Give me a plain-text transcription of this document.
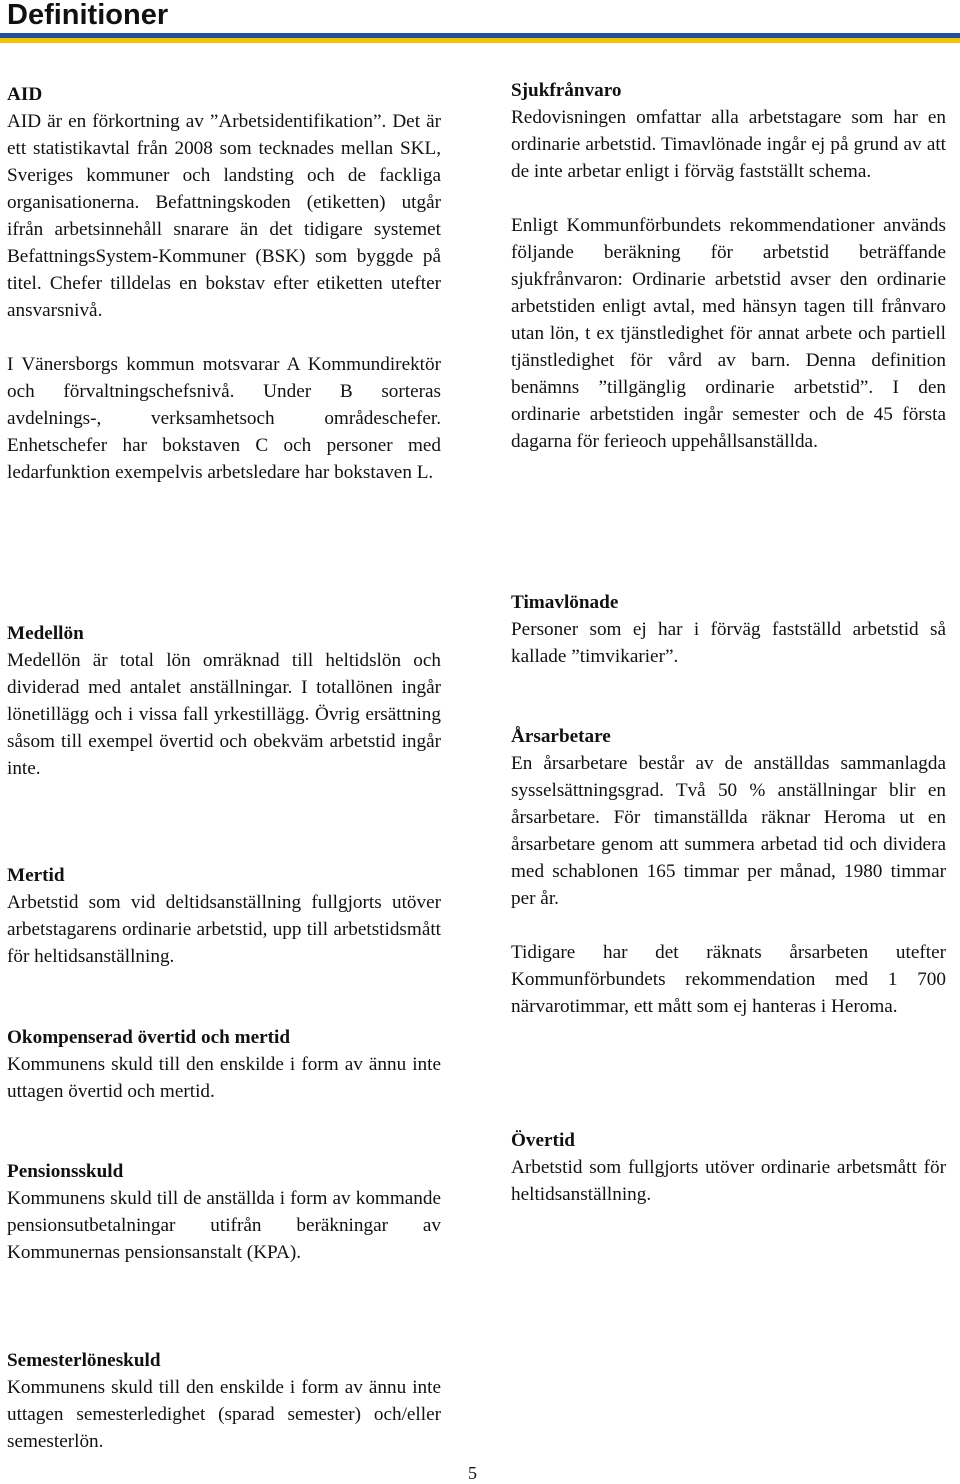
Definitioner
AID

AID är en förkortning av ”Arbetsidentifikation”. Det är ett statistikavtal från 2008 som tecknades mellan SKL, Sveriges kommuner och landsting och de fackliga organisationerna. Befattningskoden (etiketten) utgår ifrån arbetsinnehåll snarare än det tidigare systemet BefattningsSystem-Kommuner (BSK) som byggde på titel. Chefer tilldelas en bokstav efter etiketten utefter ansvarsnivå.

I Vänersborgs kommun motsvarar A Kommundirektör och förvaltningschefsnivå. Under B sorteras avdelnings-, verksamhetsoch områdeschefer. Enhetschefer har bokstaven C och personer med ledarfunktion exempelvis arbetsledare har bokstaven L.

Medellön

Medellön är total lön omräknad till heltidslön och dividerad med antalet anställningar. I totallönen ingår lönetillägg och i vissa fall yrkestillägg. Övrig ersättning såsom till exempel övertid och obekväm arbetstid ingår inte.

Mertid

Arbetstid som vid deltidsanställning fullgjorts utöver arbetstagarens ordinarie arbetstid, upp till arbetstidsmått för heltidsanställning.

Okompenserad övertid och mertid

Kommunens skuld till den enskilde i form av ännu inte uttagen övertid och mertid.

Pensionsskuld

Kommunens skuld till de anställda i form av kommande pensionsutbetalningar utifrån beräkningar av Kommunernas pensionsanstalt (KPA).

Semesterlöneskuld

Kommunens skuld till den enskilde i form av ännu inte uttagen semesterledighet (sparad semester) och/eller semesterlön.

Sjukfrånvaro

Redovisningen omfattar alla arbetstagare som har en ordinarie arbetstid. Timavlönade ingår ej på grund av att de inte arbetar enligt i förväg fastställt schema.

Enligt Kommunförbundets rekommendationer används följande beräkning för arbetstid beträffande sjukfrånvaron: Ordinarie arbetstid avser den ordinarie arbetstiden enligt avtal, med hänsyn tagen till frånvaro utan lön, t ex tjänstledighet för annat arbete och partiell tjänstledighet för vård av barn. Denna definition benämns ”tillgänglig ordinarie arbetstid”. I den ordinarie arbetstiden ingår semester och de 45 första dagarna för ferieoch uppehållsanställda.

Timavlönade

Personer som ej har i förväg fastställd arbetstid så kallade ”timvikarier”.

Årsarbetare

En årsarbetare består av de anställdas sammanlagda sysselsättningsgrad. Två 50 % anställningar blir en årsarbetare. För timanställda räknar Heroma ut en årsarbetare genom att summera arbetad tid och dividera med schablonen 165 timmar per månad, 1980 timmar per år.

Tidigare har det räknats årsarbeten utefter Kommunförbundets rekommendation med 1 700 närvarotimmar, ett mått som ej hanteras i Heroma.

Övertid

Arbetstid som fullgjorts utöver ordinarie arbetsmått för heltidsanställning.

5
